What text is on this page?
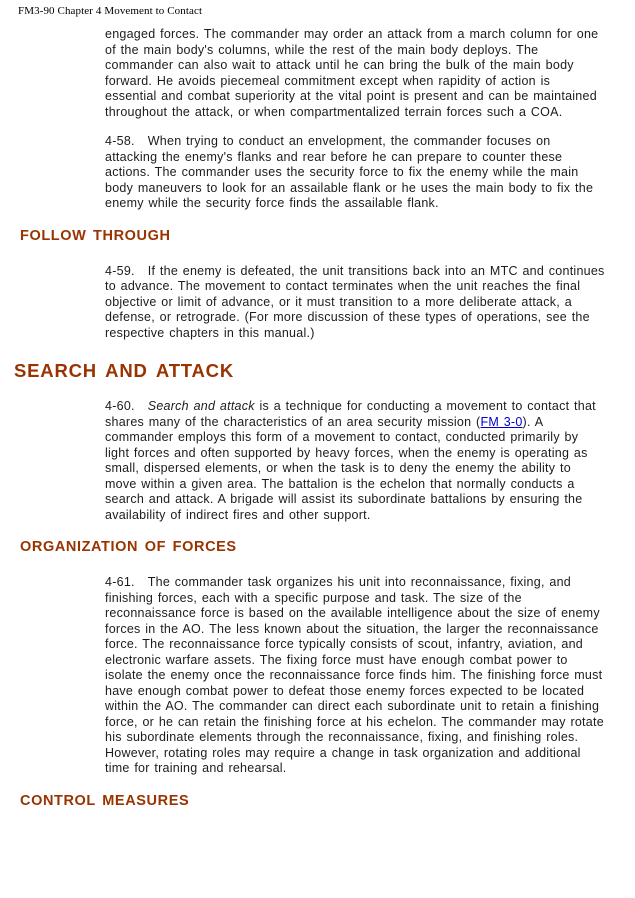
FM3-90 Chapter 4 Movement to Contact

engaged forces. The commander may order an attack from a march column for one of the main body's columns, while the rest of the main body deploys. The commander can also wait to attack until he can bring the bulk of the main body forward. He avoids piecemeal commitment except when rapidity of action is essential and combat superiority at the vital point is present and can be maintained throughout the attack, or when compartmentalized terrain forces such a COA.

4-58. When trying to conduct an envelopment, the commander focuses on attacking the enemy's flanks and rear before he can prepare to counter these actions. The commander uses the security force to fix the enemy while the main body maneuvers to look for an assailable flank or he uses the main body to fix the enemy while the security force finds the assailable flank.

FOLLOW THROUGH

4-59. If the enemy is defeated, the unit transitions back into an MTC and continues to advance. The movement to contact terminates when the unit reaches the final objective or limit of advance, or it must transition to a more deliberate attack, a defense, or retrograde. (For more discussion of these types of operations, see the respective chapters in this manual.)

SEARCH AND ATTACK

4-60. Search and attack is a technique for conducting a movement to contact that shares many of the characteristics of an area security mission (FM 3-0). A commander employs this form of a movement to contact, conducted primarily by light forces and often supported by heavy forces, when the enemy is operating as small, dispersed elements, or when the task is to deny the enemy the ability to move within a given area. The battalion is the echelon that normally conducts a search and attack. A brigade will assist its subordinate battalions by ensuring the availability of indirect fires and other support.

ORGANIZATION OF FORCES

4-61. The commander task organizes his unit into reconnaissance, fixing, and finishing forces, each with a specific purpose and task. The size of the reconnaissance force is based on the available intelligence about the size of enemy forces in the AO. The less known about the situation, the larger the reconnaissance force. The reconnaissance force typically consists of scout, infantry, aviation, and electronic warfare assets. The fixing force must have enough combat power to isolate the enemy once the reconnaissance force finds him. The finishing force must have enough combat power to defeat those enemy forces expected to be located within the AO. The commander can direct each subordinate unit to retain a finishing force, or he can retain the finishing force at his echelon. The commander may rotate his subordinate elements through the reconnaissance, fixing, and finishing roles. However, rotating roles may require a change in task organization and additional time for training and rehearsal.

CONTROL MEASURES
